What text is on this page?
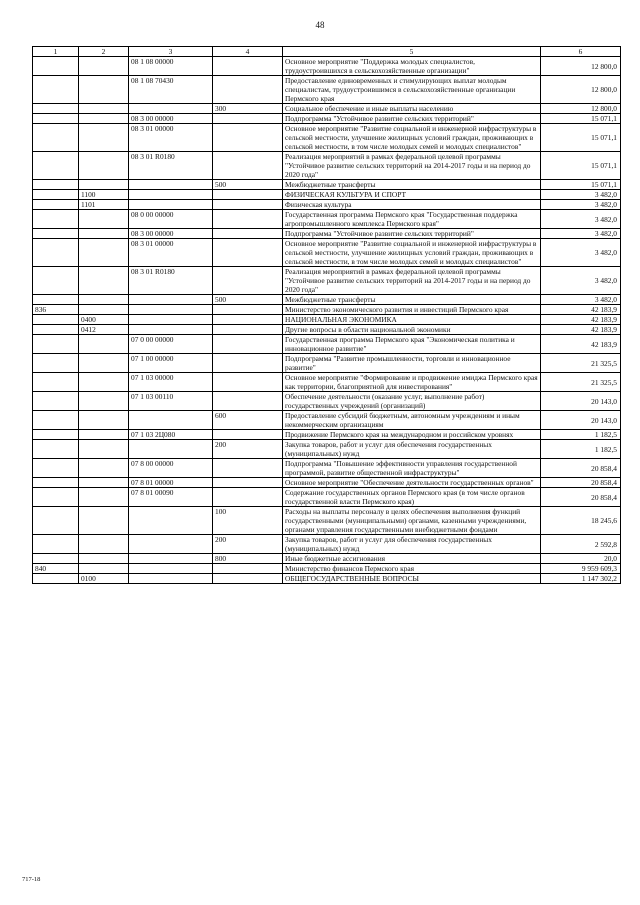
48
1	2	3	4	5	6
		08 1 08 00000		Основное мероприятие "Поддержка молодых специалистов, трудоустроившихся в сельскохозяйственные организации"	12 800,0
		08 1 08 70430		Предоставление единовременных и стимулирующих выплат молодым специалистам, трудоустроившимся в сельскохозяйственные организации Пермского края	12 800,0
			300	Социальное обеспечение и иные выплаты населению	12 800,0
		08 3 00 00000		Подпрограмма "Устойчивое развитие сельских территорий"	15 071,1
		08 3 01 00000		Основное мероприятие "Развитие социальной и инженерной инфраструктуры в сельской местности, улучшение жилищных условий граждан, проживающих в сельской местности, в том числе молодых семей и молодых специалистов"	15 071,1
		08 3 01 R0180		Реализация мероприятий в рамках федеральной целевой программы "Устойчивое развитие сельских территорий на 2014-2017 годы и на период до 2020 года"	15 071,1
			500	Межбюджетные трансферты	15 071,1
	1100			ФИЗИЧЕСКАЯ КУЛЬТУРА И СПОРТ	3 482,0
	1101			Физическая культура	3 482,0
		08 0 00 00000		Государственная программа Пермского края "Государственная поддержка агропромышленного комплекса Пермского края"	3 482,0
		08 3 00 00000		Подпрограмма "Устойчивое развитие сельских территорий"	3 482,0
		08 3 01 00000		Основное мероприятие "Развитие социальной и инженерной инфраструктуры в сельской местности, улучшение жилищных условий граждан, проживающих в сельской местности, в том числе молодых семей и молодых специалистов"	3 482,0
		08 3 01 R0180		Реализация мероприятий в рамках федеральной целевой программы "Устойчивое развитие сельских территорий на 2014-2017 годы и на период до 2020 года"	3 482,0
			500	Межбюджетные трансферты	3 482,0
836				Министерство экономического развития и инвестиций Пермского края	42 183,9
	0400			НАЦИОНАЛЬНАЯ ЭКОНОМИКА	42 183,9
	0412			Другие вопросы в области национальной экономики	42 183,9
		07 0 00 00000		Государственная программа Пермского края "Экономическая политика и инновационное развитие"	42 183,9
		07 1 00 00000		Подпрограмма "Развитие промышленности, торговли и инновационное развитие"	21 325,5
		07 1 03 00000		Основное мероприятие "Формирование и продвижение имиджа Пермского края как территории, благоприятной для инвестирования"	21 325,5
		07 1 03 00110		Обеспечение деятельности (оказание услуг, выполнение работ) государственных учреждений (организаций)	20 143,0
			600	Предоставление субсидий бюджетным, автономным учреждениям и иным некоммерческим организациям	20 143,0
		07 1 03 2Ц080		Продвижение Пермского края на международном и российском уровнях	1 182,5
			200	Закупка товаров, работ и услуг для обеспечения государственных (муниципальных) нужд	1 182,5
		07 8 00 00000		Подпрограмма "Повышение эффективности управления государственной программой, развитие общественной инфраструктуры"	20 858,4
		07 8 01 00000		Основное мероприятие "Обеспечение деятельности государственных органов"	20 858,4
		07 8 01 00090		Содержание государственных органов Пермского края (в том числе органов государственной власти Пермского края)	20 858,4
			100	Расходы на выплаты персоналу в целях обеспечения выполнения функций государственными (муниципальными) органами, казенными учреждениями, органами управления государственными внебюджетными фондами	18 245,6
			200	Закупка товаров, работ и услуг для обеспечения государственных (муниципальных) нужд	2 592,8
			800	Иные бюджетные ассигнования	20,0
840				Министерство финансов Пермского края	9 959 609,3
	0100			ОБЩЕГОСУДАРСТВЕННЫЕ ВОПРОСЫ	1 147 302,2
717-18
